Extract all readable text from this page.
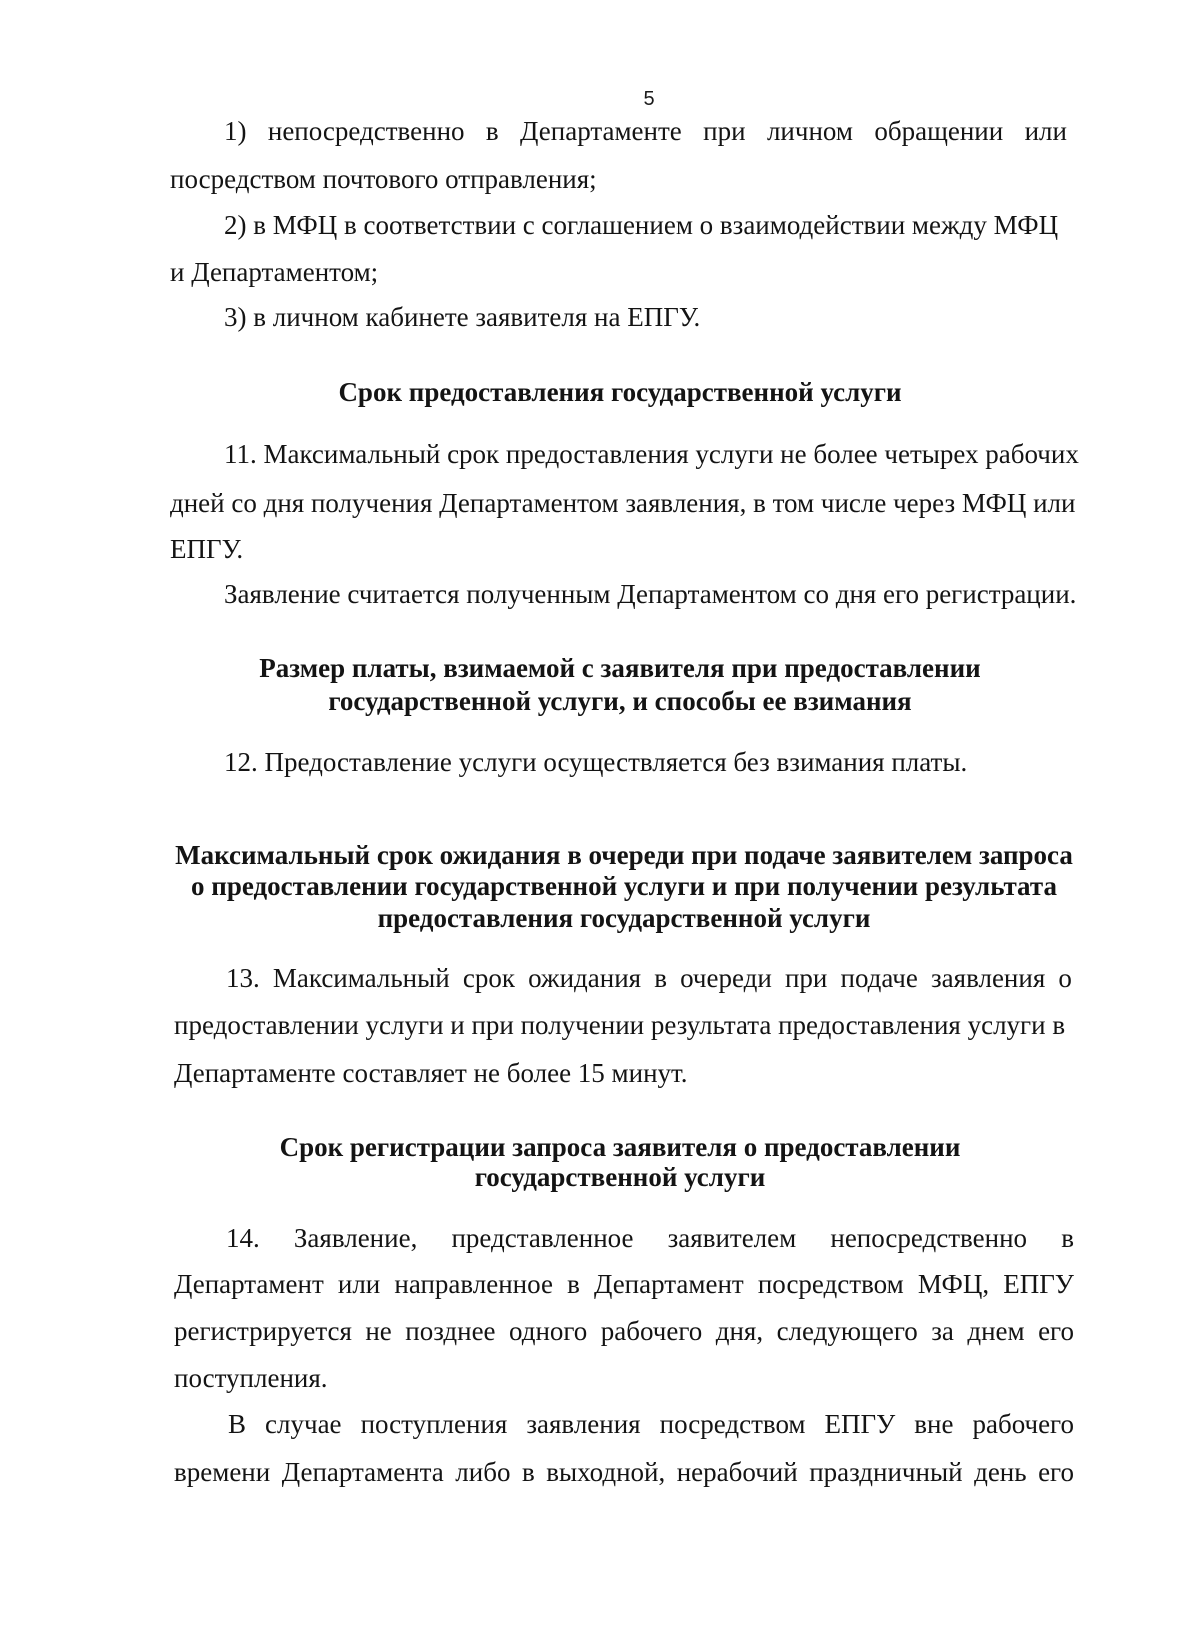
5
1) непосредственно в Департаменте при личном обращении или
посредством почтового отправления;
2) в МФЦ в соответствии с соглашением о взаимодействии между МФЦ
и Департаментом;
3) в личном кабинете заявителя на ЕПГУ.
Срок предоставления государственной услуги
11. Максимальный срок предоставления услуги не более четырех рабочих
дней со дня получения Департаментом заявления, в том числе через МФЦ или
ЕПГУ.
Заявление считается полученным Департаментом со дня его регистрации.
Размер платы, взимаемой с заявителя при предоставлении
государственной услуги, и способы ее взимания
12. Предоставление услуги осуществляется без взимания платы.
Максимальный срок ожидания в очереди при подаче заявителем запроса
о предоставлении государственной услуги и при получении результата
предоставления государственной услуги
13. Максимальный срок ожидания в очереди при подаче заявления о
предоставлении услуги и при получении результата предоставления услуги в
Департаменте составляет не более 15 минут.
Срок регистрации запроса заявителя о предоставлении
государственной услуги
14. Заявление, представленное заявителем непосредственно в
Департамент или направленное в Департамент посредством МФЦ, ЕПГУ
регистрируется не позднее одного рабочего дня, следующего за днем его
поступления.
В случае поступления заявления посредством ЕПГУ вне рабочего
времени Департамента либо в выходной, нерабочий праздничный день его
